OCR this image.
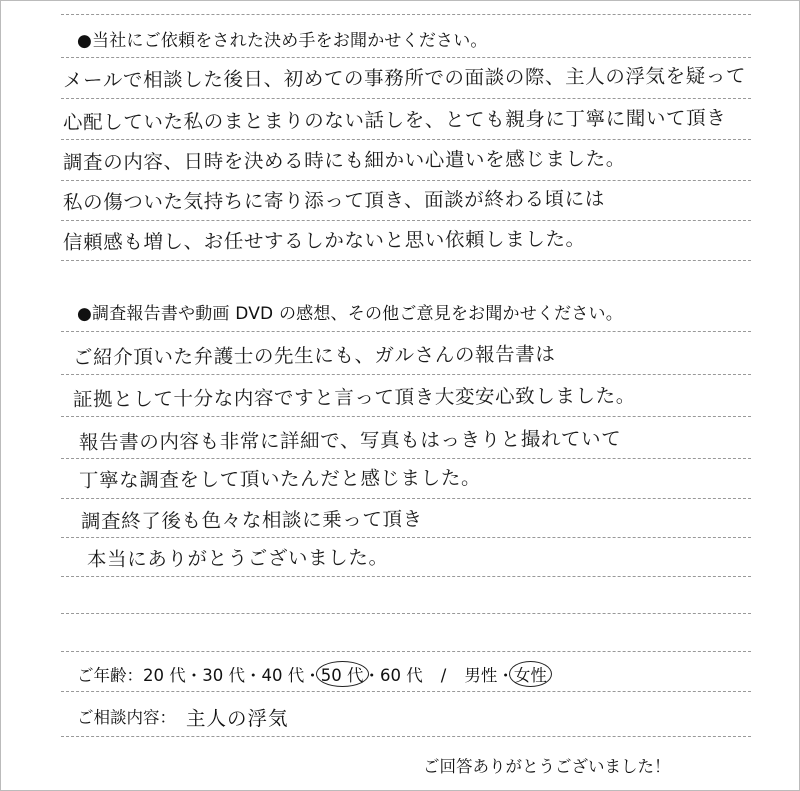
●当社にご依頼をされた決め手をお聞かせください。
メールで相談した後日、初めての事務所での面談の際、主人の浮気を疑って
心配していた私のまとまりのない話しを、とても親身に丁寧に聞いて頂き
調査の内容、日時を決める時にも細かい心遣いを感じました。
私の傷ついた気持ちに寄り添って頂き、面談が終わる頃には
信頼感も増し、お任せするしかないと思い依頼しました。
●調査報告書や動画 DVD の感想、その他ご意見をお聞かせください。
ご紹介頂いた弁護士の先生にも、ガルさんの報告書は
証拠として十分な内容ですと言って頂き大変安心致しました。
報告書の内容も非常に詳細で、写真もはっきりと撮れていて
丁寧な調査をして頂いたんだと感じました。
調査終了後も色々な相談に乗って頂き
本当にありがとうございました。
ご年齢：20 代・30 代・40 代・50 代・60 代 / 男性・女性
ご相談内容： 主人の浮気
ご回答ありがとうございました！
